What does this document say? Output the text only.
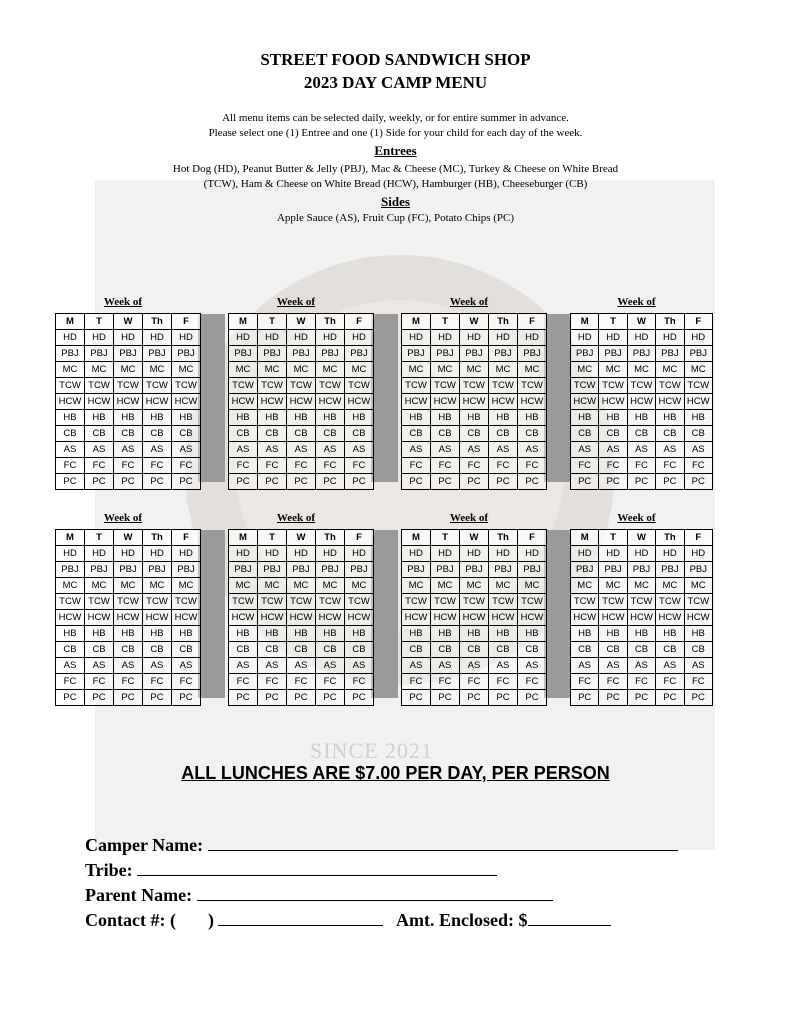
SINCE 2021
STREET FOOD SANDWICH SHOP
2023 DAY CAMP MENU
All menu items can be selected daily, weekly, or for entire summer in advance.
Please select one (1) Entree and one (1) Side for your child for each day of the week.
Entrees
Hot Dog (HD), Peanut Butter & Jelly (PBJ), Mac & Cheese (MC), Turkey & Cheese on White Bread
(TCW), Ham & Cheese on White Bread (HCW), Hamburger (HB), Cheeseburger (CB)
Sides
Apple Sauce (AS), Fruit Cup (FC), Potato Chips (PC)
Week of
M	T	W	Th	F
HD	HD	HD	HD	HD
PBJ	PBJ	PBJ	PBJ	PBJ
MC	MC	MC	MC	MC
TCW	TCW	TCW	TCW	TCW
HCW	HCW	HCW	HCW	HCW
HB	HB	HB	HB	HB
CB	CB	CB	CB	CB
AS	AS	AS	AS	AS
FC	FC	FC	FC	FC
PC	PC	PC	PC	PC
Week of
M	T	W	Th	F
HD	HD	HD	HD	HD
PBJ	PBJ	PBJ	PBJ	PBJ
MC	MC	MC	MC	MC
TCW	TCW	TCW	TCW	TCW
HCW	HCW	HCW	HCW	HCW
HB	HB	HB	HB	HB
CB	CB	CB	CB	CB
AS	AS	AS	AS	AS
FC	FC	FC	FC	FC
PC	PC	PC	PC	PC
Week of
M	T	W	Th	F
HD	HD	HD	HD	HD
PBJ	PBJ	PBJ	PBJ	PBJ
MC	MC	MC	MC	MC
TCW	TCW	TCW	TCW	TCW
HCW	HCW	HCW	HCW	HCW
HB	HB	HB	HB	HB
CB	CB	CB	CB	CB
AS	AS	AS	AS	AS
FC	FC	FC	FC	FC
PC	PC	PC	PC	PC
Week of
M	T	W	Th	F
HD	HD	HD	HD	HD
PBJ	PBJ	PBJ	PBJ	PBJ
MC	MC	MC	MC	MC
TCW	TCW	TCW	TCW	TCW
HCW	HCW	HCW	HCW	HCW
HB	HB	HB	HB	HB
CB	CB	CB	CB	CB
AS	AS	AS	AS	AS
FC	FC	FC	FC	FC
PC	PC	PC	PC	PC
Week of
M	T	W	Th	F
HD	HD	HD	HD	HD
PBJ	PBJ	PBJ	PBJ	PBJ
MC	MC	MC	MC	MC
TCW	TCW	TCW	TCW	TCW
HCW	HCW	HCW	HCW	HCW
HB	HB	HB	HB	HB
CB	CB	CB	CB	CB
AS	AS	AS	AS	AS
FC	FC	FC	FC	FC
PC	PC	PC	PC	PC
Week of
M	T	W	Th	F
HD	HD	HD	HD	HD
PBJ	PBJ	PBJ	PBJ	PBJ
MC	MC	MC	MC	MC
TCW	TCW	TCW	TCW	TCW
HCW	HCW	HCW	HCW	HCW
HB	HB	HB	HB	HB
CB	CB	CB	CB	CB
AS	AS	AS	AS	AS
FC	FC	FC	FC	FC
PC	PC	PC	PC	PC
Week of
M	T	W	Th	F
HD	HD	HD	HD	HD
PBJ	PBJ	PBJ	PBJ	PBJ
MC	MC	MC	MC	MC
TCW	TCW	TCW	TCW	TCW
HCW	HCW	HCW	HCW	HCW
HB	HB	HB	HB	HB
CB	CB	CB	CB	CB
AS	AS	AS	AS	AS
FC	FC	FC	FC	FC
PC	PC	PC	PC	PC
Week of
M	T	W	Th	F
HD	HD	HD	HD	HD
PBJ	PBJ	PBJ	PBJ	PBJ
MC	MC	MC	MC	MC
TCW	TCW	TCW	TCW	TCW
HCW	HCW	HCW	HCW	HCW
HB	HB	HB	HB	HB
CB	CB	CB	CB	CB
AS	AS	AS	AS	AS
FC	FC	FC	FC	FC
PC	PC	PC	PC	PC
ALL LUNCHES ARE $7.00 PER DAY, PER PERSON
Camper Name:
Tribe:
Parent Name:
Contact #: ( )	Amt. Enclosed: $
